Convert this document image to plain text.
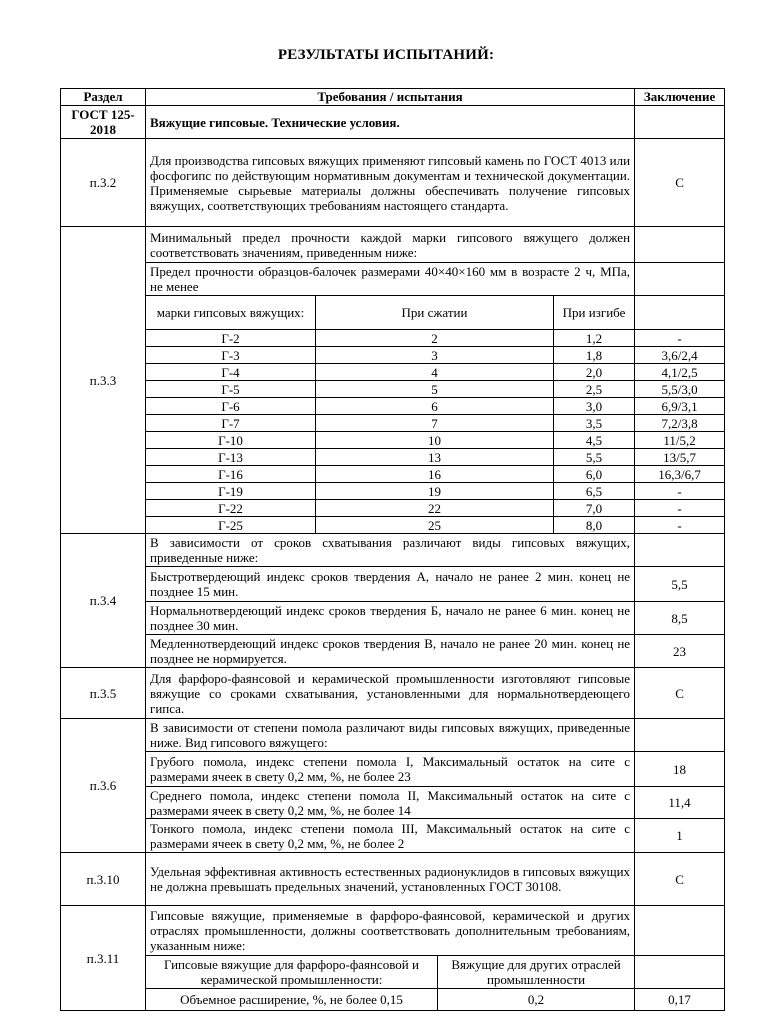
РЕЗУЛЬТАТЫ ИСПЫТАНИЙ:
Раздел	Требования / испытания				Заключение
ГОСТ 125-2018	Вяжущие гипсовые. Технические условия.				
п.3.2	Для производства гипсовых вяжущих применяют гипсовый камень по ГОСТ 4013 или фосфогипс по действующим нормативным документам и технической документации. Применяемые сырьевые материалы должны обеспечивать получение гипсовых вяжущих, соответствующих требованиям настоящего стандарта.				С
п.3.3	Минимальный предел прочности каждой марки гипсового вяжущего должен соответствовать значениям, приведенным ниже:				
	Предел прочности образцов-балочек размерами 40×40×160 мм в возрасте 2 ч, МПа, не менее				
	марки гипсовых вяжущих:	При сжатии		При изгибе	
	Г-2	2		1,2	-
	Г-3	3		1,8	3,6/2,4
	Г-4	4		2,0	4,1/2,5
	Г-5	5		2,5	5,5/3,0
	Г-6	6		3,0	6,9/3,1
	Г-7	7		3,5	7,2/3,8
	Г-10	10		4,5	11/5,2
	Г-13	13		5,5	13/5,7
	Г-16	16		6,0	16,3/6,7
	Г-19	19		6,5	-
	Г-22	22		7,0	-
	Г-25	25		8,0	-
п.3.4	В зависимости от сроков схватывания различают виды гипсовых вяжущих, приведенные ниже:				
	Быстротвердеющий индекс сроков твердения А, начало не ранее 2 мин. конец не позднее 15 мин.				5,5
	Нормальнотвердеющий индекс сроков твердения Б, начало не ранее 6 мин. конец не позднее 30 мин.				8,5
	Медленнотвердеющий индекс сроков твердения В, начало не ранее 20 мин. конец не позднее не нормируется.				23
п.3.5	Для фарфоро-фаянсовой и керамической промышленности изготовляют гипсовые вяжущие со сроками схватывания, установленными для нормальнотвердеющего гипса.				С
п.3.6	В зависимости от степени помола различают виды гипсовых вяжущих, приведенные ниже. Вид гипсового вяжущего:				
	Грубого помола, индекс степени помола I, Максимальный остаток на сите с размерами ячеек в свету 0,2 мм, %, не более 23				18
	Среднего помола, индекс степени помола II, Максимальный остаток на сите с размерами ячеек в свету 0,2 мм, %, не более 14				11,4
	Тонкого помола, индекс степени помола III, Максимальный остаток на сите с размерами ячеек в свету 0,2 мм, %, не более 2				1
п.3.10	Удельная эффективная активность естественных радионуклидов в гипсовых вяжущих не должна превышать предельных значений, установленных ГОСТ 30108.				С
п.3.11	Гипсовые вяжущие, применяемые в фарфоро-фаянсовой, керамической и других отраслях промышленности, должны соответствовать дополнительным требованиям, указанным ниже:				
	Гипсовые вяжущие для фарфоро-фаянсовой и керамической промышленности:		Вяжущие для других отраслей промышленности		
	Объемное расширение, %, не более 0,15		0,2		0,17
